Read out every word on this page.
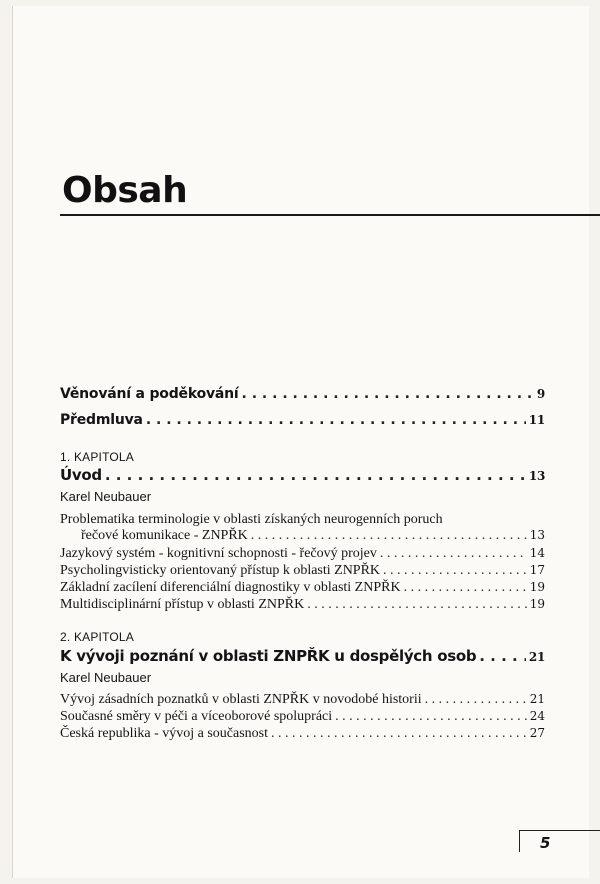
Obsah
Věnování a poděkování . . .	9
Předmluva . . .	11
1. KAPITOLA
Úvod . . .	13
Karel Neubauer
Problematika terminologie v oblasti získaných neurogenních poruch
řečové komunikace - ZNPŘK . . .	13
Jazykový systém - kognitivní schopnosti - řečový projev . . .	14
Psycholingvisticky orientovaný přístup k oblasti ZNPŘK . . .	17
Základní zacílení diferenciální diagnostiky v oblasti ZNPŘK . . .	19
Multidisciplinární přístup v oblasti ZNPŘK . . .	19
2. KAPITOLA
K vývoji poznání v oblasti ZNPŘK u dospělých osob . . .	21
Karel Neubauer
Vývoj zásadních poznatků v oblasti ZNPŘK v novodobé historii . . .	21
Současné směry v péči a víceoborové spolupráci . . .	24
Česká republika - vývoj a současnost . . .	27
5
